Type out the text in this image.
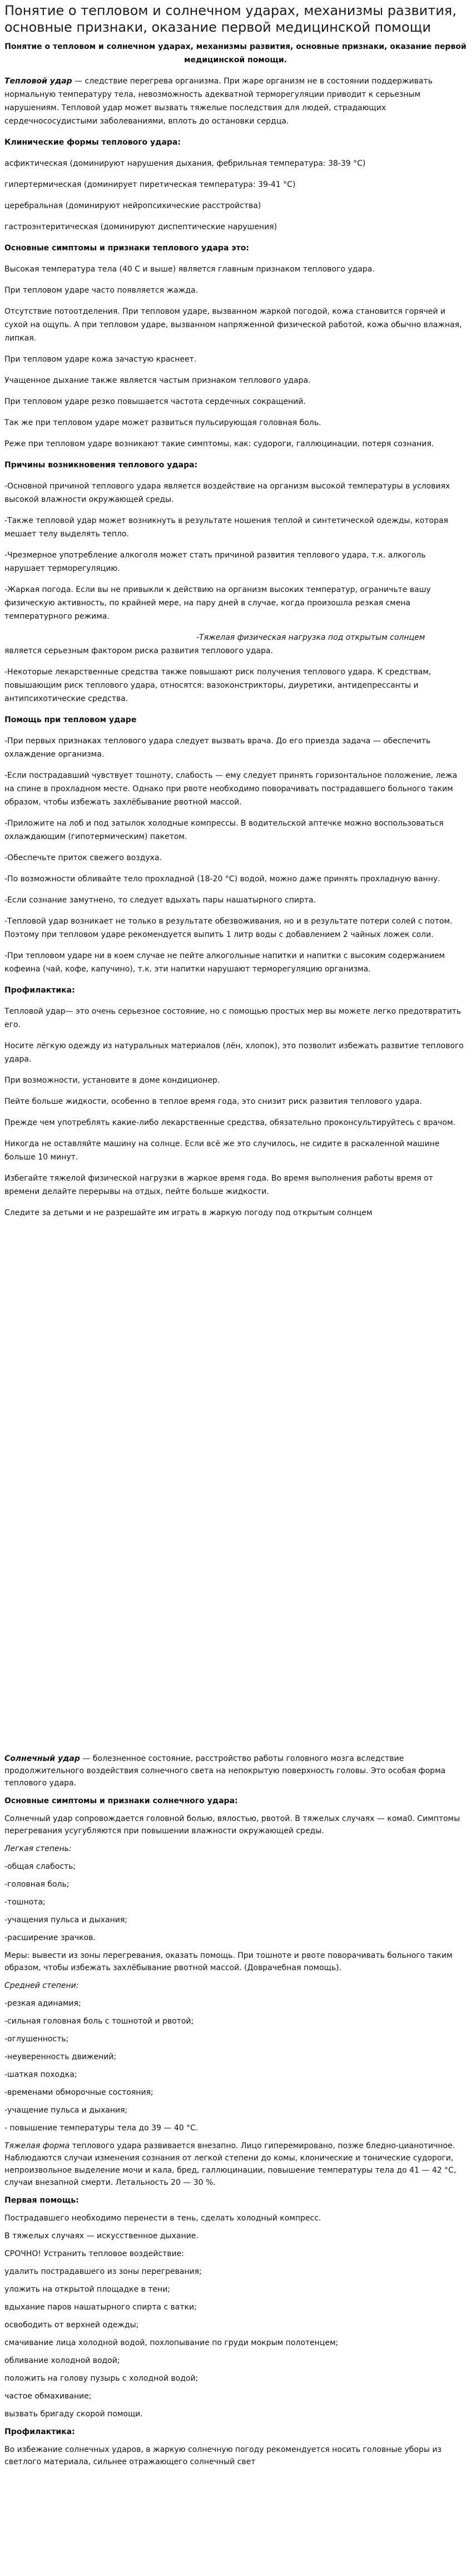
Понятие о тепловом и солнечном ударах, механизмы развития, основные признаки, оказание первой медицинской помощи

Понятие о тепловом и солнечном ударах, механизмы развития, основные признаки, оказание первой медицинской помощи.

Тепловой удар — следствие перегрева организма. При жаре организм не в состоянии поддерживать нормальную температуру тела, невозможность адекватной терморегуляции приводит к серьезным нарушениям. Тепловой удар может вызвать тяжелые последствия для людей, страдающих сердечнососудистыми заболеваниями, вплоть до остановки сердца.

Клинические формы теплового удара:

асфиктическая (доминируют нарушения дыхания, фебрильная температура: 38-39 °C)

гипертермическая (доминирует пиретическая температура: 39-41 °C)

церебральная (доминируют нейропсихические расстройства)

гастроэнтеритическая (доминируют диспептические нарушения)

Основные симптомы и признаки теплового удара это:

Высокая температура тела (40 С и выше) является главным признаком теплового удара.

При тепловом ударе часто появляется жажда.

Отсутствие потоотделения. При тепловом ударе, вызванном жаркой погодой, кожа становится горячей и сухой на ощупь. А при тепловом ударе, вызванном напряженной физической работой, кожа обычно влажная, липкая.

При тепловом ударе кожа зачастую краснеет.

Учащенное дыхание также является частым признаком теплового удара.

При тепловом ударе резко повышается частота сердечных сокращений.

Так же при тепловом ударе может развиться пульсирующая головная боль.

Реже при тепловом ударе возникают такие симптомы, как: судороги, галлюцинации, потеря сознания.

Причины возникновения теплового удара:

-Основной причиной теплового удара является воздействие на организм высокой температуры в условиях высокой влажности окружающей среды.

-Также тепловой удар может возникнуть в результате ношения теплой и синтетической одежды, которая мешает телу выделять тепло.

-Чрезмерное употребление алкоголя может стать причиной развития теплового удара, т.к. алкоголь нарушает терморегуляцию.

-Жаркая погода. Если вы не привыкли к действию на организм высоких температур, ограничьте вашу физическую активность, по крайней мере, на пару дней в случае, когда произошла резкая смена температурного режима.

-Тяжелая физическая нагрузка под открытым солнцем
является серьезным фактором риска развития теплового удара.

-Некоторые лекарственные средства также повышают риск получения теплового удара. К средствам, повышающим риск теплового удара, относятся: вазоконстрикторы, диуретики, антидепрессанты и антипсихотические средства.

Помощь при тепловом ударе

-При первых признаках теплового удара следует вызвать врача. До его приезда задача — обеспечить охлаждение организма.

-Если пострадавший чувствует тошноту, слабость — ему следует принять горизонтальное положение, лежа на спине в прохладном месте. Однако при рвоте необходимо поворачивать пострадавшего больного таким образом, чтобы избежать захлёбывание рвотной массой.

-Приложите на лоб и под затылок холодные компрессы. В водительской аптечке можно воспользоваться охлаждающим (гипотермическим) пакетом.

-Обеспечьте приток свежего воздуха.

-По возможности обливайте тело прохладной (18-20 °C) водой, можно даже принять прохладную ванну.

-Если сознание замутнено, то следует вдыхать пары нашатырного спирта.

-Тепловой удар возникает не только в результате обезвоживания, но и в результате потери солей с потом. Поэтому при тепловом ударе рекомендуется выпить 1 литр воды с добавлением 2 чайных ложек соли.

-При тепловом ударе ни в коем случае не пейте алкогольные напитки и напитки с высоким содержанием кофеина (чай, кофе, капучино), т.к. эти напитки нарушают терморегуляцию организма.

Профилактика:

Тепловой удар— это очень серьезное состояние, но с помощью простых мер вы можете легко предотвратить его.

Носите лёгкую одежду из натуральных материалов (лён, хлопок), это позволит избежать развитие теплового удара.

При возможности, установите в доме кондиционер.

Пейте больше жидкости, особенно в теплое время года, это снизит риск развития теплового удара.

Прежде чем употреблять какие-либо лекарственные средства, обязательно проконсультируйтесь с врачом.

Никогда не оставляйте машину на солнце. Если всё же это случилось, не сидите в раскаленной машине больше 10 минут.

Избегайте тяжелой физической нагрузки в жаркое время года. Во время выполнения работы время от времени делайте перерывы на отдых, пейте больше жидкости.

Следите за детьми и не разрешайте им играть в жаркую погоду под открытым солнцем

Солнечный удар — болезненное состояние, расстройство работы головного мозга вследствие продолжительного воздействия солнечного света на непокрытую поверхность головы. Это особая форма теплового удара.

Основные симптомы и признаки солнечного удара:

Солнечный удар сопровождается головной болью, вялостью, рвотой. В тяжелых случаях — кома0. Симптомы перегревания усугубляются при повышении влажности окружающей среды.

Легкая степень:

-общая слабость;

-головная боль;

-тошнота;

-учащения пульса и дыхания;

-расширение зрачков.

Меры: вывести из зоны перегревания, оказать помощь. При тошноте и рвоте поворачивать больного таким образом, чтобы избежать захлёбывание рвотной массой. (Доврачебная помощь).

Средней степени:

-резкая адинамия;

-сильная головная боль с тошнотой и рвотой;

-оглушенность;

-неуверенность движений;

-шаткая походка;

-временами обморочные состояния;

-учащение пульса и дыхания;

- повышение температуры тела до 39 — 40 °С.

Тяжелая форма теплового удара развивается внезапно. Лицо гиперемировано, позже бледно-цианотичное. Наблюдаются случаи изменения сознания от легкой степени до комы, клонические и тонические судороги, непроизвольное выделение мочи и кала, бред, галлюцинации, повышение температуры тела до 41 — 42 °С, случаи внезапной смерти. Летальность 20 — 30 %.

Первая помощь:

Пострадавшего необходимо перенести в тень, сделать холодный компресс.

В тяжелых случаях — искусственное дыхание.

СРОЧНО! Устранить тепловое воздействие:

удалить пострадавшего из зоны перегревания;

уложить на открытой площадке в тени;

вдыхание паров нашатырного спирта с ватки;

освободить от верхней одежды;

смачивание лица холодной водой, похлопывание по груди мокрым полотенцем;

обливание холодной водой;

положить на голову пузырь с холодной водой;

частое обмахивание;

вызвать бригаду скорой помощи.

Профилактика:

Во избежание солнечных ударов, в жаркую солнечную погоду рекомендуется носить головные уборы из светлого материала, сильнее отражающего солнечный свет
